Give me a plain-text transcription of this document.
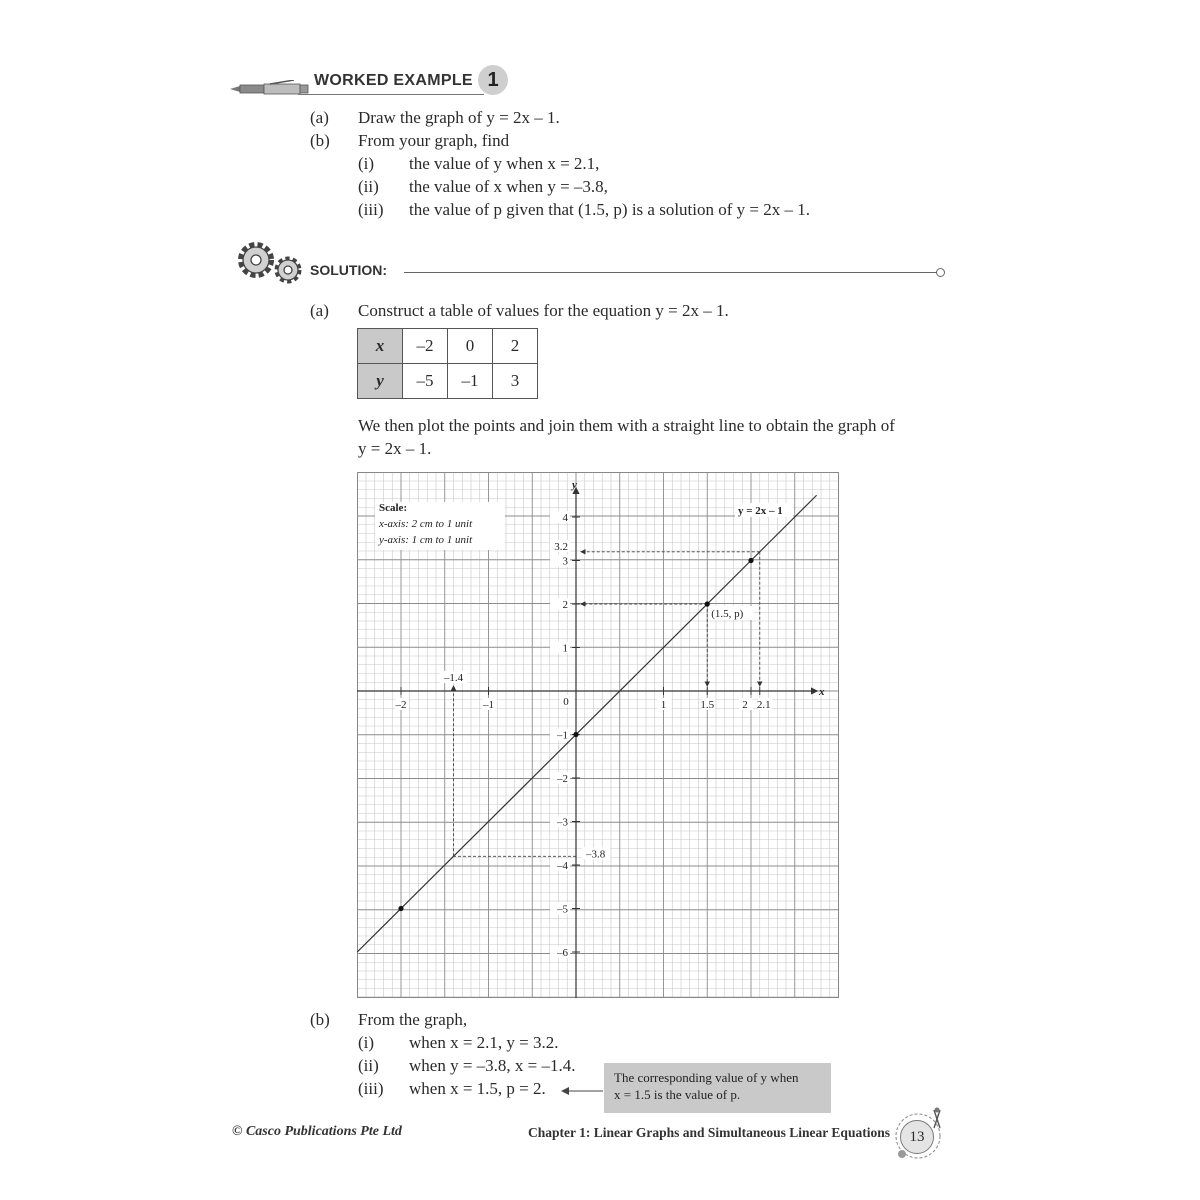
WORKED EXAMPLE 1
(a) Draw the graph of y = 2x – 1.
(b) From your graph, find
(i) the value of y when x = 2.1,
(ii) the value of x when y = –3.8,
(iii) the value of p given that (1.5, p) is a solution of y = 2x – 1.
SOLUTION:
(a) Construct a table of values for the equation y = 2x – 1.
x	–2	0	2
y	–5	–1	3
We then plot the points and join them with a straight line to obtain the graph of
y = 2x – 1.
–1.4
–3.8
x
y
–2	–1	0	1	1.5	2 2.1
4
3
3.2
2
1
–1
–2
–3
–4
–5
–6
(1.5, p)
Scale:
x-axis: 2 cm to 1 unit
y-axis: 1 cm to 1 unit
y = 2x – 1
(b) From the graph,
(i) when x = 2.1, y = 3.2.
(ii) when y = –3.8, x = –1.4.
(iii) when x = 1.5, p = 2.
The corresponding value of y when
x = 1.5 is the value of p.
© Casco Publications Pte Ltd	Chapter 1: Linear Graphs and Simultaneous Linear Equations	13
